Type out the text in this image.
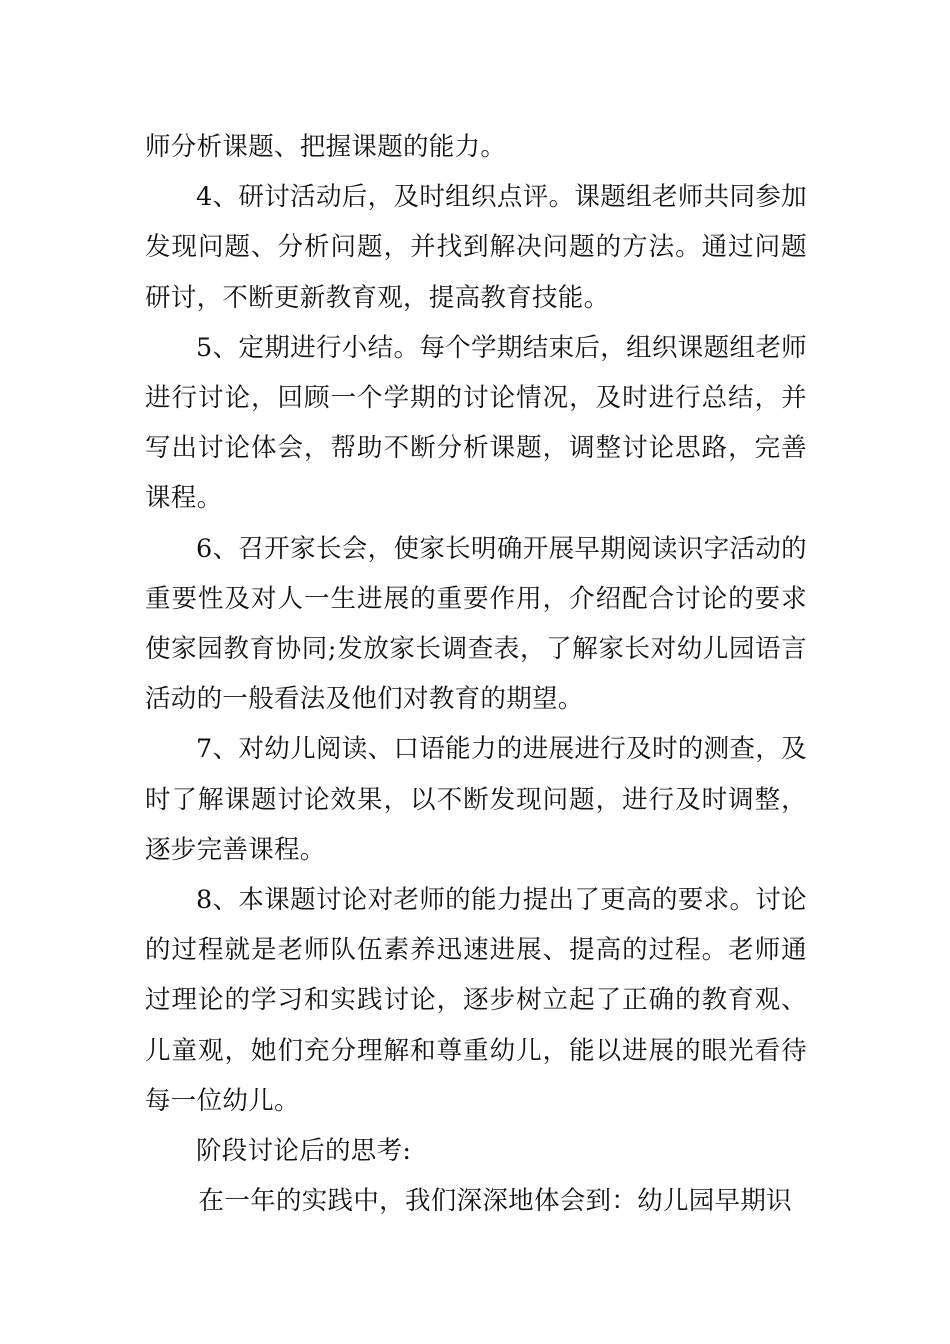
师分析课题、把握课题的能力。

4、研讨活动后，及时组织点评。课题组老师共同参加发现问题、分析问题，并找到解决问题的方法。通过问题研讨，不断更新教育观，提高教育技能。

5、定期进行小结。每个学期结束后，组织课题组老师进行讨论，回顾一个学期的讨论情况，及时进行总结，并写出讨论体会，帮助不断分析课题，调整讨论思路，完善课程。

6、召开家长会，使家长明确开展早期阅读识字活动的重要性及对人一生进展的重要作用，介绍配合讨论的要求使家园教育协同;发放家长调查表，了解家长对幼儿园语言活动的一般看法及他们对教育的期望。

7、对幼儿阅读、口语能力的进展进行及时的测查，及时了解课题讨论效果，以不断发现问题，进行及时调整，逐步完善课程。

8、本课题讨论对老师的能力提出了更高的要求。讨论的过程就是老师队伍素养迅速进展、提高的过程。老师通过理论的学习和实践讨论，逐步树立起了正确的教育观、儿童观，她们充分理解和尊重幼儿，能以进展的眼光看待每一位幼儿。

阶段讨论后的思考:

在一年的实践中，我们深深地体会到：幼儿园早期识
